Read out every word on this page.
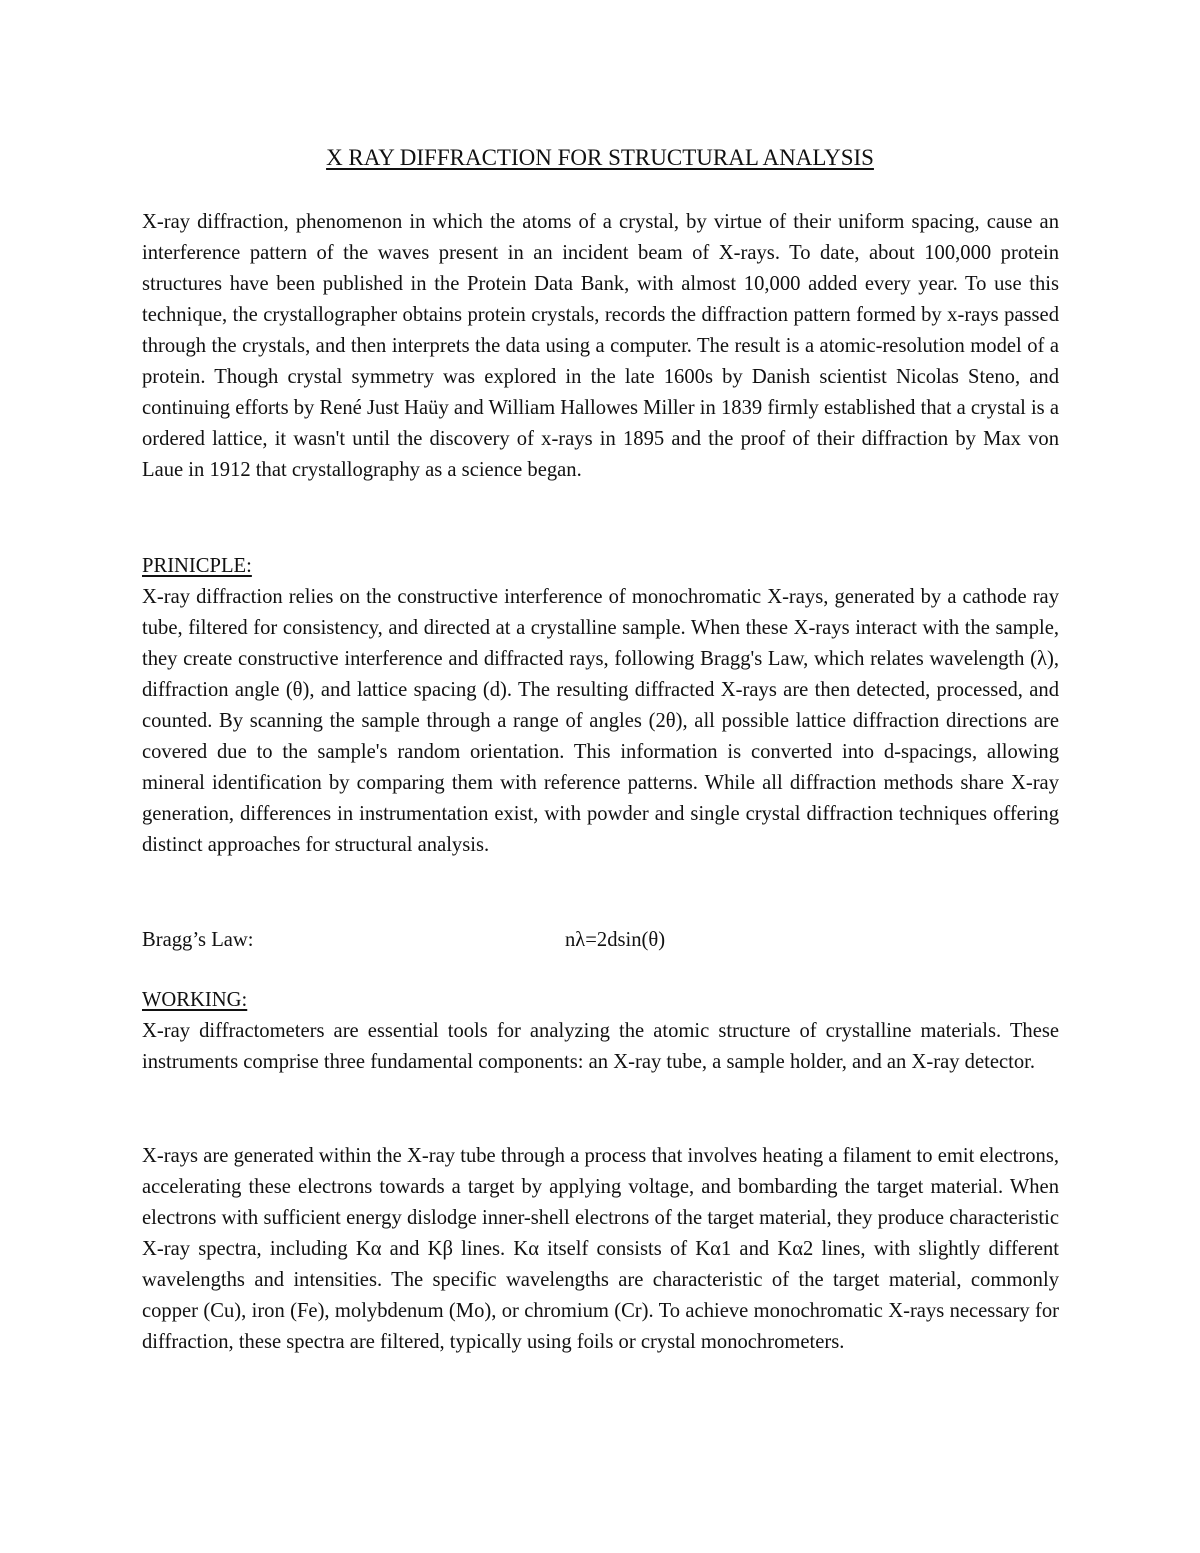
X RAY DIFFRACTION FOR STRUCTURAL ANALYSIS

X-ray diffraction, phenomenon in which the atoms of a crystal, by virtue of their uniform spacing, cause an interference pattern of the waves present in an incident beam of X-rays. To date, about 100,000 protein structures have been published in the Protein Data Bank, with almost 10,000 added every year. To use this technique, the crystallographer obtains protein crystals, records the diffraction pattern formed by x-rays passed through the crystals, and then interprets the data using a computer. The result is a atomic-resolution model of a protein. Though crystal symmetry was explored in the late 1600s by Danish scientist Nicolas Steno, and continuing efforts by René Just Haüy and William Hallowes Miller in 1839 firmly established that a crystal is a ordered lattice, it wasn't until the discovery of x-rays in 1895 and the proof of their diffraction by Max von Laue in 1912 that crystallography as a science began.

PRINICPLE:

X-ray diffraction relies on the constructive interference of monochromatic X-rays, generated by a cathode ray tube, filtered for consistency, and directed at a crystalline sample. When these X-rays interact with the sample, they create constructive interference and diffracted rays, following Bragg's Law, which relates wavelength (λ), diffraction angle (θ), and lattice spacing (d). The resulting diffracted X-rays are then detected, processed, and counted. By scanning the sample through a range of angles (2θ), all possible lattice diffraction directions are covered due to the sample's random orientation. This information is converted into d-spacings, allowing mineral identification by comparing them with reference patterns. While all diffraction methods share X-ray generation, differences in instrumentation exist, with powder and single crystal diffraction techniques offering distinct approaches for structural analysis.

Bragg’s Law:	nλ=2dsin(θ)
WORKING:

X-ray diffractometers are essential tools for analyzing the atomic structure of crystalline materials. These instruments comprise three fundamental components: an X-ray tube, a sample holder, and an X-ray detector.

X-rays are generated within the X-ray tube through a process that involves heating a filament to emit electrons, accelerating these electrons towards a target by applying voltage, and bombarding the target material. When electrons with sufficient energy dislodge inner-shell electrons of the target material, they produce characteristic X-ray spectra, including Kα and Kβ lines. Kα itself consists of Kα1 and Kα2 lines, with slightly different wavelengths and intensities. The specific wavelengths are characteristic of the target material, commonly copper (Cu), iron (Fe), molybdenum (Mo), or chromium (Cr). To achieve monochromatic X-rays necessary for diffraction, these spectra are filtered, typically using foils or crystal monochrometers.
